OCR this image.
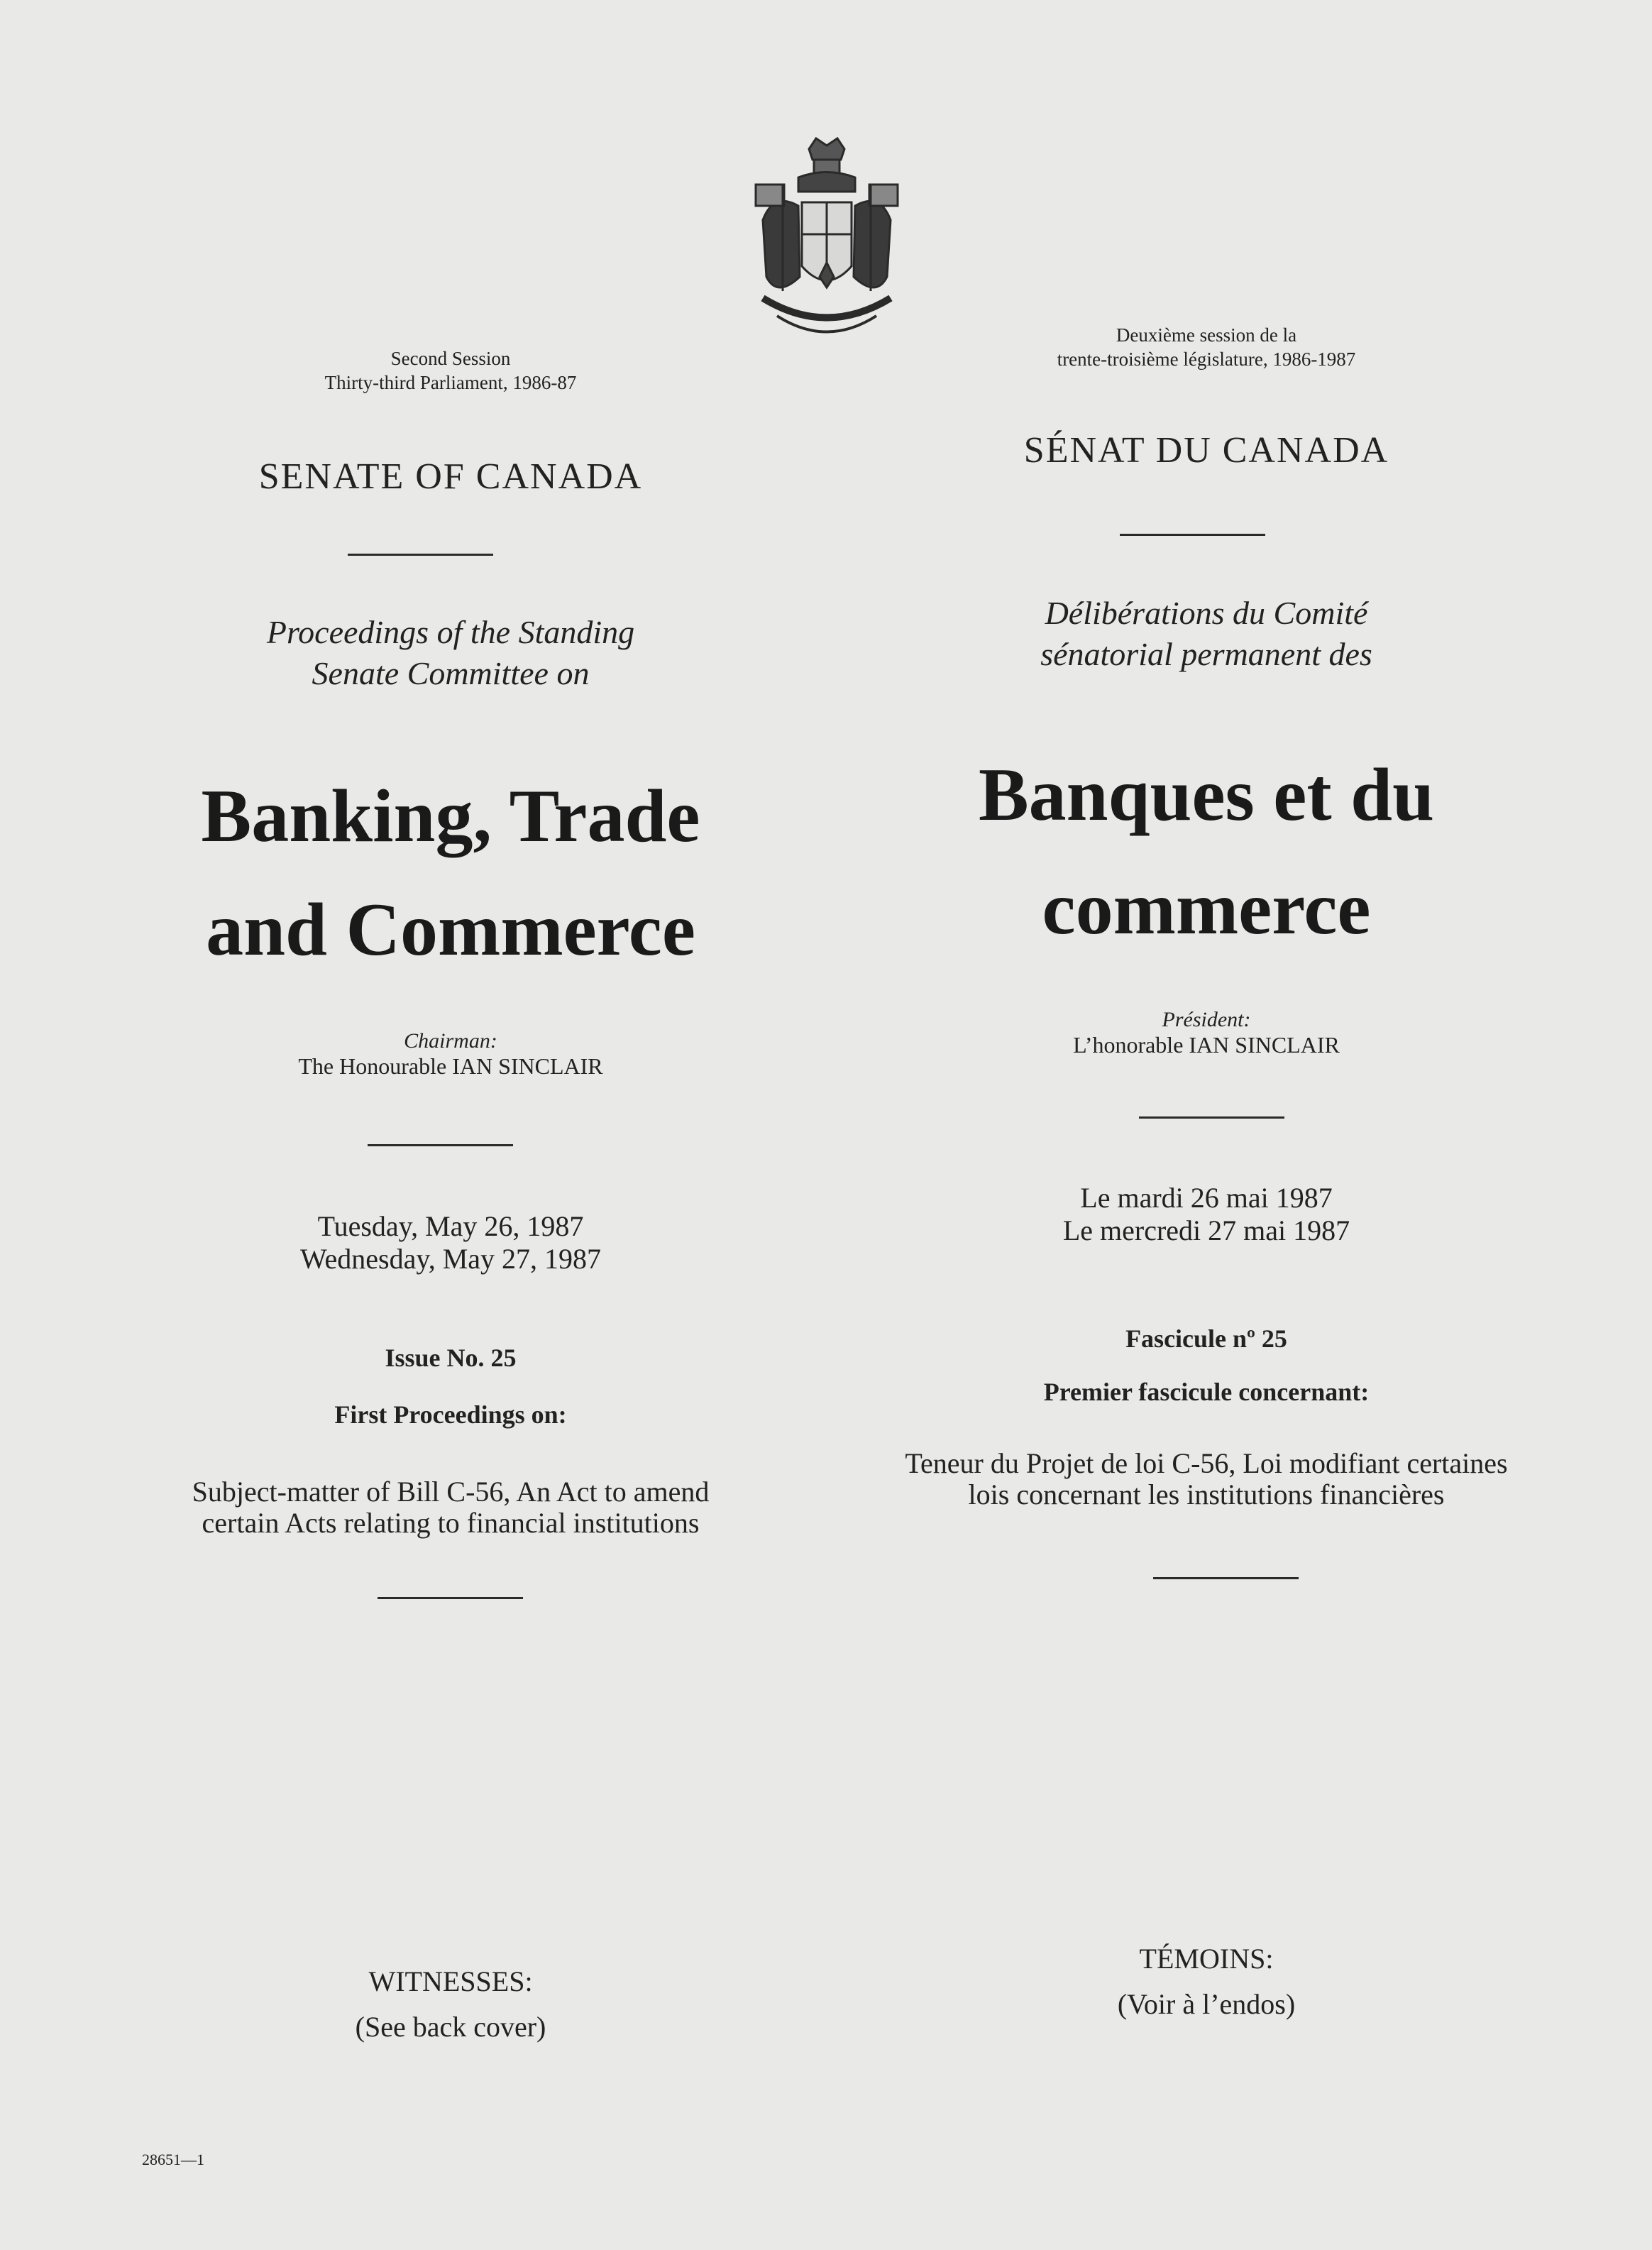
Second Session
Thirty-third Parliament, 1986-87
Deuxième session de la
trente-troisième législature, 1986-1987
SENATE OF CANADA
SÉNAT DU CANADA
Proceedings of the Standing
Senate Committee on
Délibérations du Comité
sénatorial permanent des
Banking, Trade
and Commerce
Banques et du
commerce
Chairman:
The Honourable IAN SINCLAIR
Président:
L’honorable IAN SINCLAIR
Tuesday, May 26, 1987
Wednesday, May 27, 1987
Le mardi 26 mai 1987
Le mercredi 27 mai 1987
Issue No. 25
Fascicule nº 25
First Proceedings on:
Premier fascicule concernant:
Subject-matter of Bill C-56, An Act to amend
certain Acts relating to financial institutions
Teneur du Projet de loi C-56, Loi modifiant certaines
lois concernant les institutions financières
WITNESSES:
(See back cover)
TÉMOINS:
(Voir à l’endos)
28651—1
